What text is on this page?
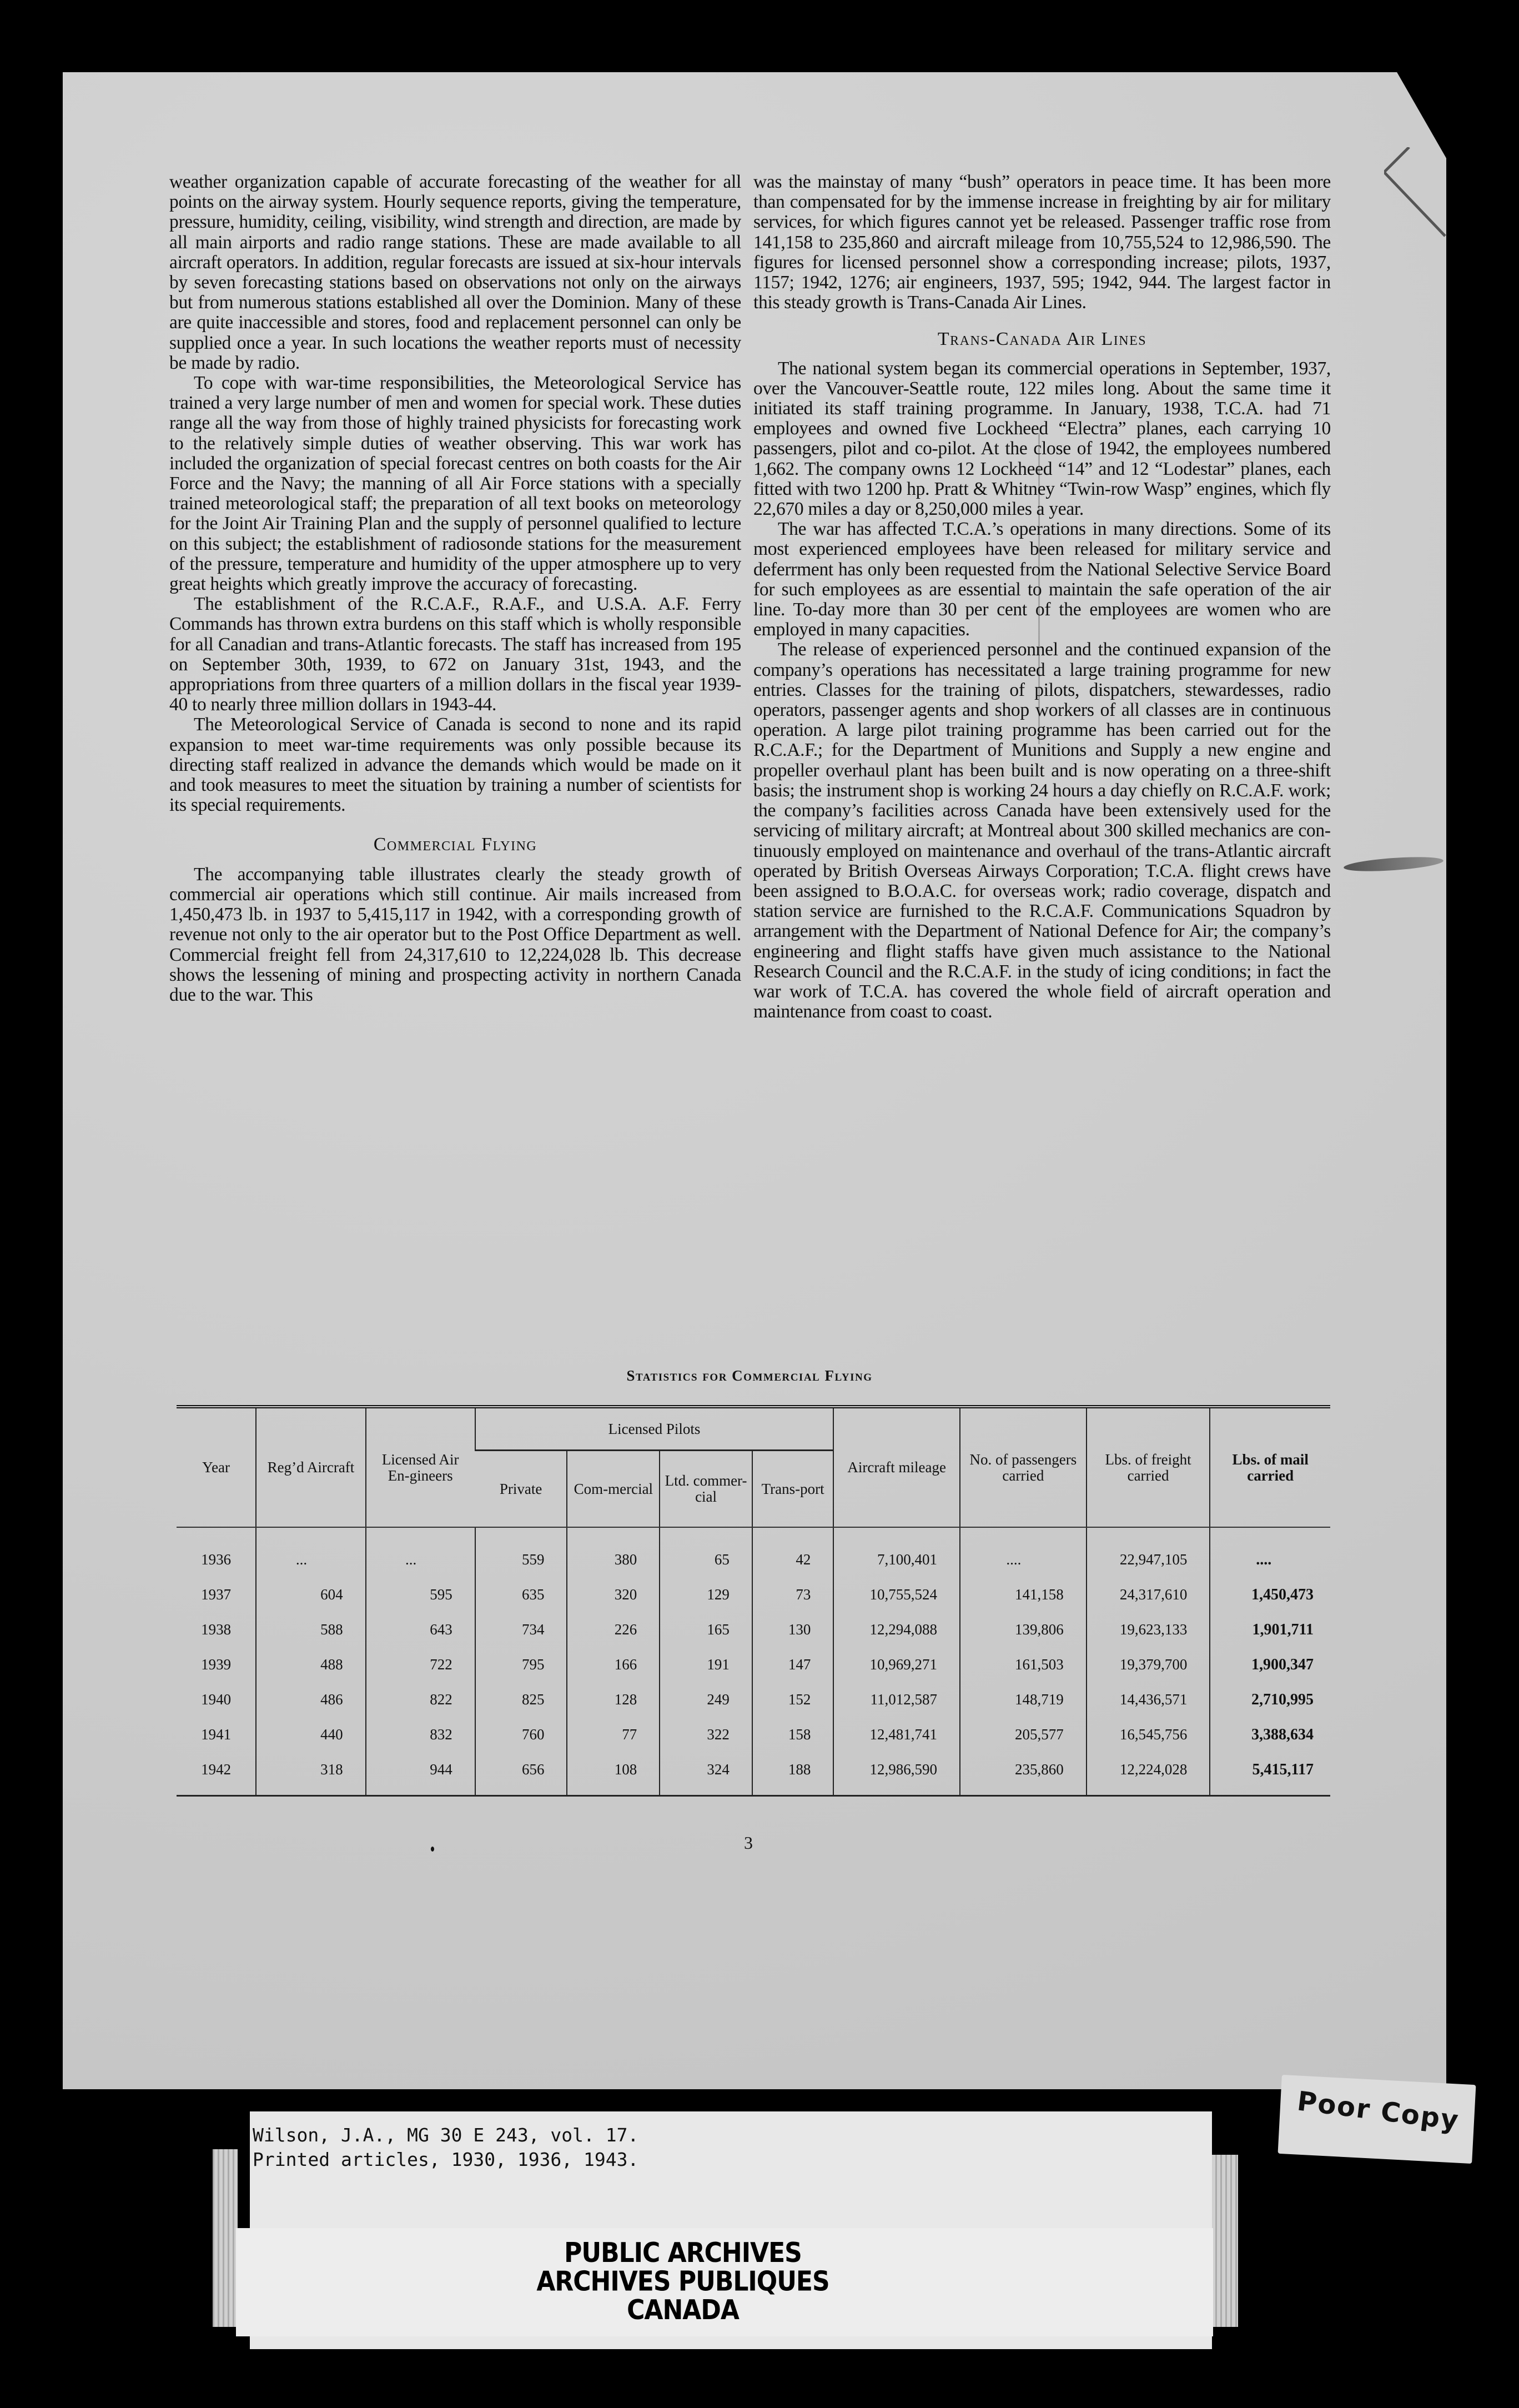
weather organization capable of accurate forecasting of the weather for all points on the airway system. Hourly sequence reports, giving the temperature, pressure, humidity, ceiling, visibility, wind strength and direction, are made by all main airports and radio range stations. These are made available to all aircraft operators. In addition, regular forecasts are issued at six-hour intervals by seven forecasting stations based on observations not only on the airways but from numerous stations established all over the Dominion. Many of these are quite inaccessible and stores, food and replacement personnel can only be supplied once a year. In such locations the weather reports must of necessity be made by radio.

To cope with war-time responsibilities, the Meteorological Service has trained a very large number of men and women for special work. These duties range all the way from those of highly trained physicists for forecasting work to the relatively simple duties of weather observing. This war work has included the organization of special forecast centres on both coasts for the Air Force and the Navy; the manning of all Air Force stations with a specially trained meteorological staff; the preparation of all text books on meteorology for the Joint Air Training Plan and the supply of personnel qualified to lecture on this subject; the establishment of radiosonde stations for the measurement of the pressure, temperature and humidity of the upper atmosphere up to very great heights which greatly improve the accuracy of forecasting.

The establishment of the R.C.A.F., R.A.F., and U.S.A. A.F. Ferry Commands has thrown extra burdens on this staff which is wholly responsible for all Canadian and trans-Atlantic forecasts. The staff has increased from 195 on September 30th, 1939, to 672 on January 31st, 1943, and the appropriations from three quarters of a million dollars in the fiscal year 1939-40 to nearly three million dollars in 1943-44.

The Meteorological Service of Canada is second to none and its rapid expansion to meet war-time requirements was only possible because its directing staff realized in advance the demands which would be made on it and took measures to meet the situation by training a number of scientists for its special requirements.

Commercial Flying

The accompanying table illustrates clearly the steady growth of commercial air operations which still continue. Air mails increased from 1,450,473 lb. in 1937 to 5,415,117 in 1942, with a corresponding growth of revenue not only to the air operator but to the Post Office Department as well. Commercial freight fell from 24,317,610 to 12,224,028 lb. This decrease shows the lessening of mining and prospecting activity in northern Canada due to the war. This

was the mainstay of many “bush” operators in peace time. It has been more than compensated for by the immense increase in freighting by air for military services, for which figures cannot yet be released. Passenger traffic rose from 141,158 to 235,860 and aircraft mileage from 10,755,524 to 12,986,590. The figures for licensed personnel show a corresponding increase; pilots, 1937, 1157; 1942, 1276; air engineers, 1937, 595; 1942, 944. The largest factor in this steady growth is Trans-Canada Air Lines.

Trans-Canada Air Lines

The national system began its commercial operations in September, 1937, over the Vancouver-Seattle route, 122 miles long. About the same time it initiated its staff training programme. In January, 1938, T.C.A. had 71 employees and owned five Lockheed “Electra” planes, each carrying 10 passengers, pilot and co-pilot. At the close of 1942, the employees numbered 1,662. The company owns 12 Lockheed “14” and 12 “Lodestar” planes, each fitted with two 1200 hp. Pratt & Whitney “Twin-row Wasp” engines, which fly 22,670 miles a day or 8,250,000 miles a year.

The war has affected T.C.A.’s operations in many directions. Some of its most experienced employees have been released for military service and deferrment has only been requested from the National Selective Service Board for such employees as are essential to maintain the safe operation of the air line. To-day more than 30 per cent of the employees are women who are employed in many capacities.

The release of experienced personnel and the continued expansion of the company’s operations has necessitated a large training programme for new entries. Classes for the training of pilots, dispatchers, stewardesses, radio operators, passenger agents and shop workers of all classes are in continuous operation. A large pilot training programme has been carried out for the R.C.A.F.; for the Department of Munitions and Supply a new engine and propeller overhaul plant has been built and is now operating on a three-shift basis; the instrument shop is working 24 hours a day chiefly on R.C.A.F. work; the company’s facilities across Canada have been extensively used for the servicing of military aircraft; at Montreal about 300 skilled mechanics are continuously employed on maintenance and overhaul of the trans-Atlantic aircraft operated by British Overseas Airways Corporation; T.C.A. flight crews have been assigned to B.O.A.C. for overseas work; radio coverage, dispatch and station service are furnished to the R.C.A.F. Communications Squadron by arrangement with the Department of National Defence for Air; the company’s engineering and flight staffs have given much assistance to the National Research Council and the R.C.A.F. in the study of icing conditions; in fact the war work of T.C.A. has covered the whole field of aircraft operation and maintenance from coast to coast.

Statistics for Commercial Flying
Year	Reg’d Aircraft	Licensed Air En-gineers	Licensed Pilots				Aircraft mileage	No. of passengers carried	Lbs. of freight carried	Lbs. of mail carried
			Private	Com-mercial	Ltd. commer-cial	Trans-port				
1936	...	...	559	380	65	42	7,100,401	....	22,947,105	....
1937	604	595	635	320	129	73	10,755,524	141,158	24,317,610	1,450,473
1938	588	643	734	226	165	130	12,294,088	139,806	19,623,133	1,901,711
1939	488	722	795	166	191	147	10,969,271	161,503	19,379,700	1,900,347
1940	486	822	825	128	249	152	11,012,587	148,719	14,436,571	2,710,995
1941	440	832	760	77	322	158	12,481,741	205,577	16,545,756	3,388,634
1942	318	944	656	108	324	188	12,986,590	235,860	12,224,028	5,415,117
3
Wilson, J.A., MG 30 E 243, vol. 17.
Printed articles, 1930, 1936, 1943.
PUBLIC ARCHIVES
ARCHIVES PUBLIQUES
CANADA
Poor Copy
